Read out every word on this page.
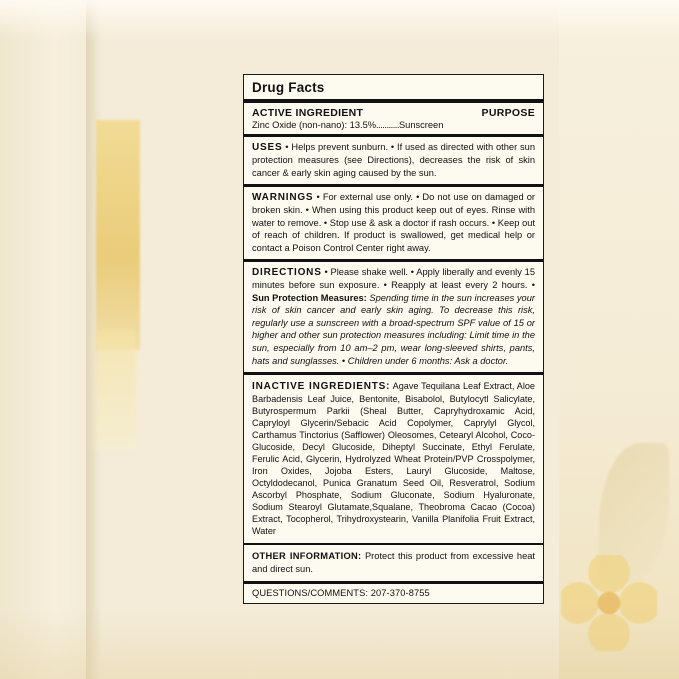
Drug Facts
ACTIVE INGREDIENT	PURPOSE
Zinc Oxide (non-nano): 13.5% ........... Sunscreen
USES • Helps prevent sunburn. • If used as directed with other sun protection measures (see Directions), decreases the risk of skin cancer & early skin aging caused by the sun.
WARNINGS • For external use only. • Do not use on damaged or broken skin. • When using this product keep out of eyes. Rinse with water to remove. • Stop use & ask a doctor if rash occurs. • Keep out of reach of children. If product is swallowed, get medical help or contact a Poison Control Center right away.
DIRECTIONS • Please shake well. • Apply liberally and evenly 15 minutes before sun exposure. • Reapply at least every 2 hours. • Sun Protection Measures: Spending time in the sun increases your risk of skin cancer and early skin aging. To decrease this risk, regularly use a sunscreen with a broad-spectrum SPF value of 15 or higher and other sun protection measures including: Limit time in the sun, especially from 10 am–2 pm, wear long-sleeved shirts, pants, hats and sunglasses. • Children under 6 months: Ask a doctor.
INACTIVE INGREDIENTS: Agave Tequilana Leaf Extract, Aloe Barbadensis Leaf Juice, Bentonite, Bisabolol, Butylocytl Salicylate, Butyrospermum Parkii (Sheal Butter, Capryhydroxamic Acid, Capryloyl Glycerin/Sebacic Acid Copolymer, Caprylyl Glycol, Carthamus Tinctorius (Safflower) Oleosomes, Cetearyl Alcohol, Coco-Glucoside, Decyl Glucoside, Diheptyl Succinate, Ethyl Ferulate, Ferulic Acid, Glycerin, Hydrolyzed Wheat Protein/PVP Crosspolymer, Iron Oxides, Jojoba Esters, Lauryl Glucoside, Maltose, Octyldodecanol, Punica Granatum Seed Oil, Resveratrol, Sodium Ascorbyl Phosphate, Sodium Gluconate, Sodium Hyaluronate, Sodium Stearoyl Glutamate,Squalane, Theobroma Cacao (Cocoa) Extract, Tocopherol, Trihydroxystearin, Vanilla Planifolia Fruit Extract, Water
OTHER INFORMATION: Protect this product from excessive heat and direct sun.
QUESTIONS/COMMENTS: 207-370-8755
